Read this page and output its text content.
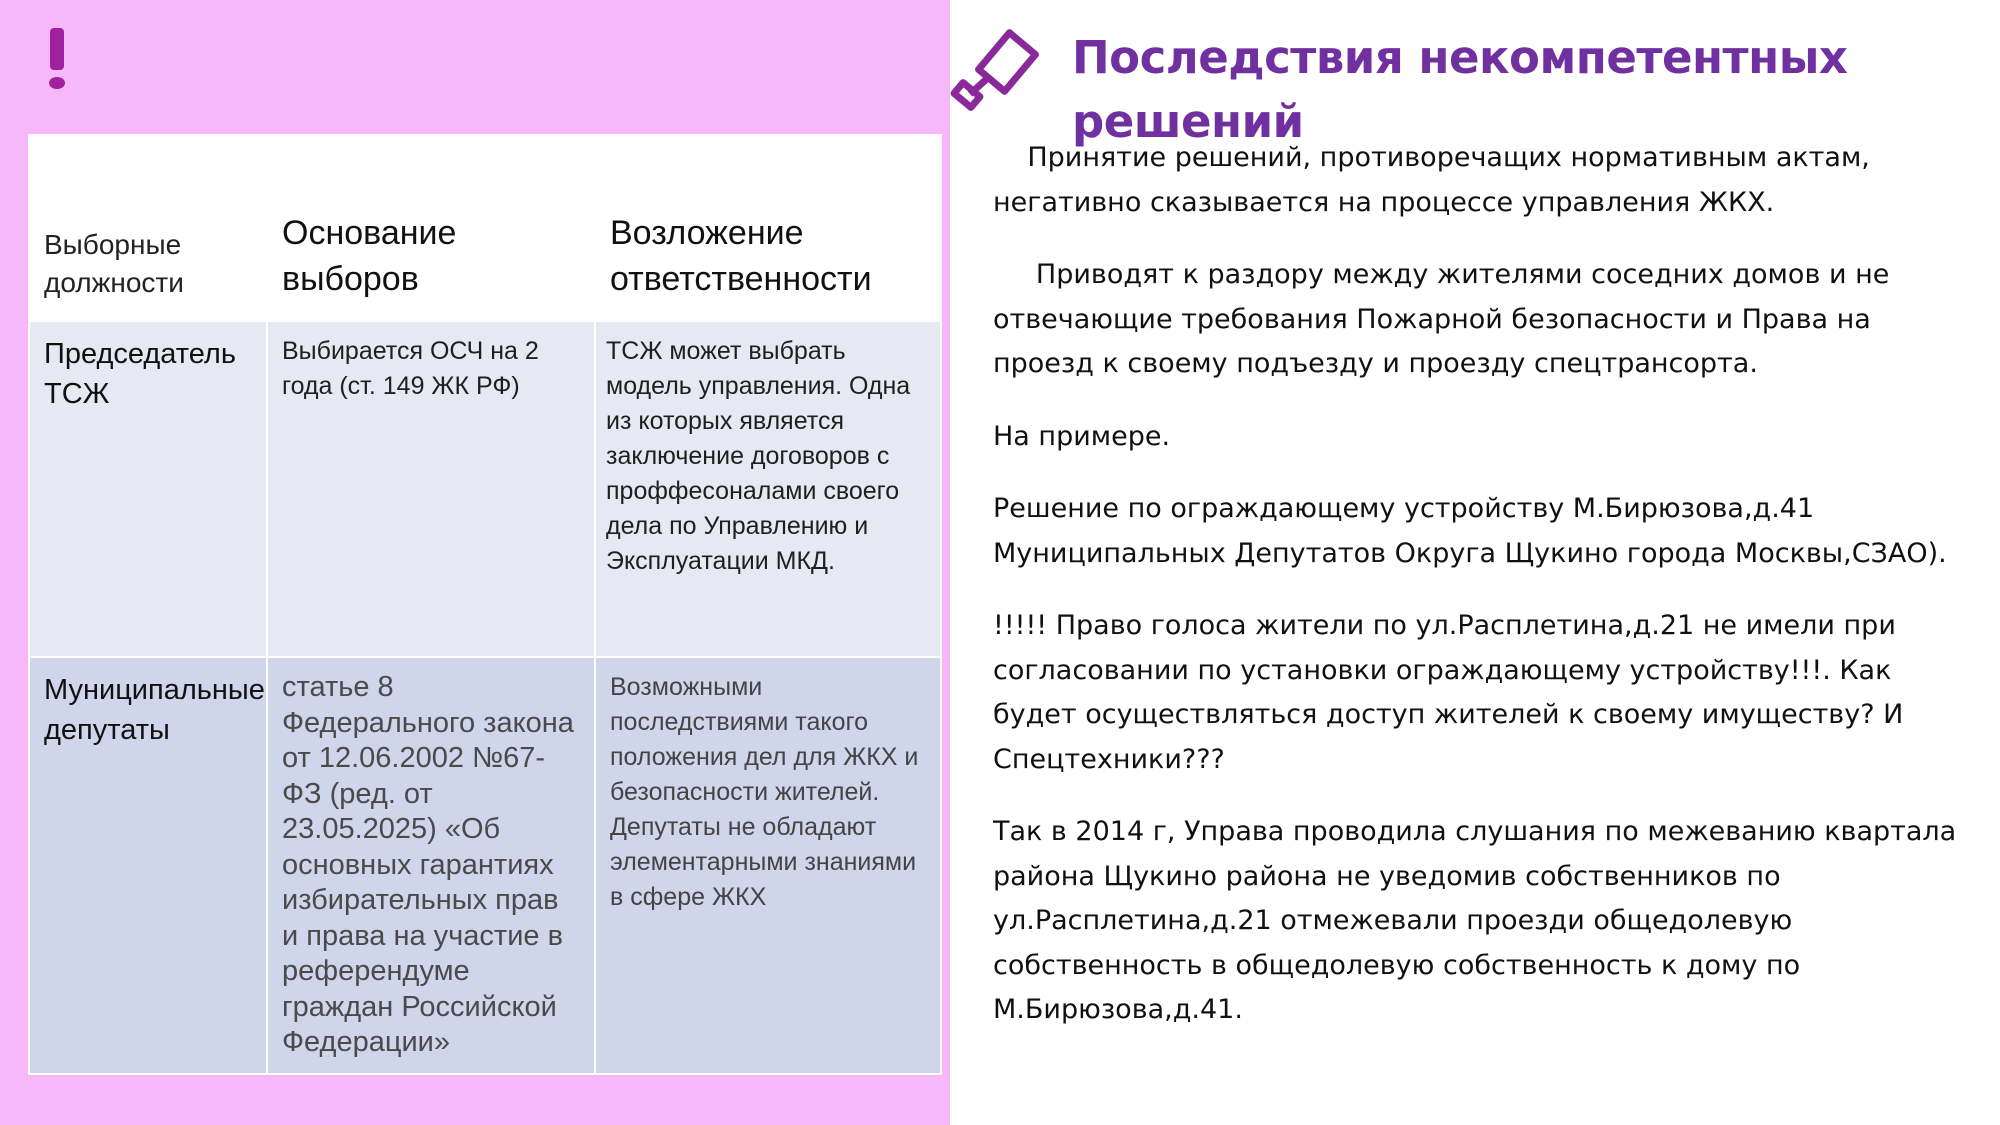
Выборные должности	Основание выборов	Возложение ответственности

Председатель ТСЖ	Выбирается ОСЧ на 2 года (ст. 149 ЖК РФ)	ТСЖ может выбрать модель управления. Одна из которых является заключение договоров с проффесоналами своего дела по Управлению и Эксплуатации МКД.

Муниципальные депутаты	статье 8 Федерального закона от 12.06.2002 №67-ФЗ (ред. от 23.05.2025) «Об основных гарантиях избирательных прав и права на участие в референдуме граждан Российской Федерации»	Возможными последствиями такого положения дел для ЖКХ и безопасности жителей. Депутаты не обладают элементарными знаниями в сфере ЖКХ
Последствия некомпетентных решений

Принятие решений, противоречащих нормативным актам, негативно сказывается на процессе управления ЖКХ.

Приводят к раздору между жителями соседних домов и не отвечающие требования Пожарной безопасности и Права на проезд к своему подъезду и проезду спецтрансорта.

На примере.

Решение по ограждающему устройству М.Бирюзова,д.41 Муниципальных Депутатов Округа Щукино города Москвы,СЗАО).

!!!!! Право голоса жители по ул.Расплетина,д.21 не имели при согласовании по установки ограждающему устройству!!!. Как будет осуществляться доступ жителей к своему имуществу? И Спецтехники???

Так в 2014 г, Управа проводила слушания по межеванию квартала района Щукино района не уведомив собственников по ул.Расплетина,д.21 отмежевали проезди общедолевую собственность в общедолевую собственность к дому по М.Бирюзова,д.41.
